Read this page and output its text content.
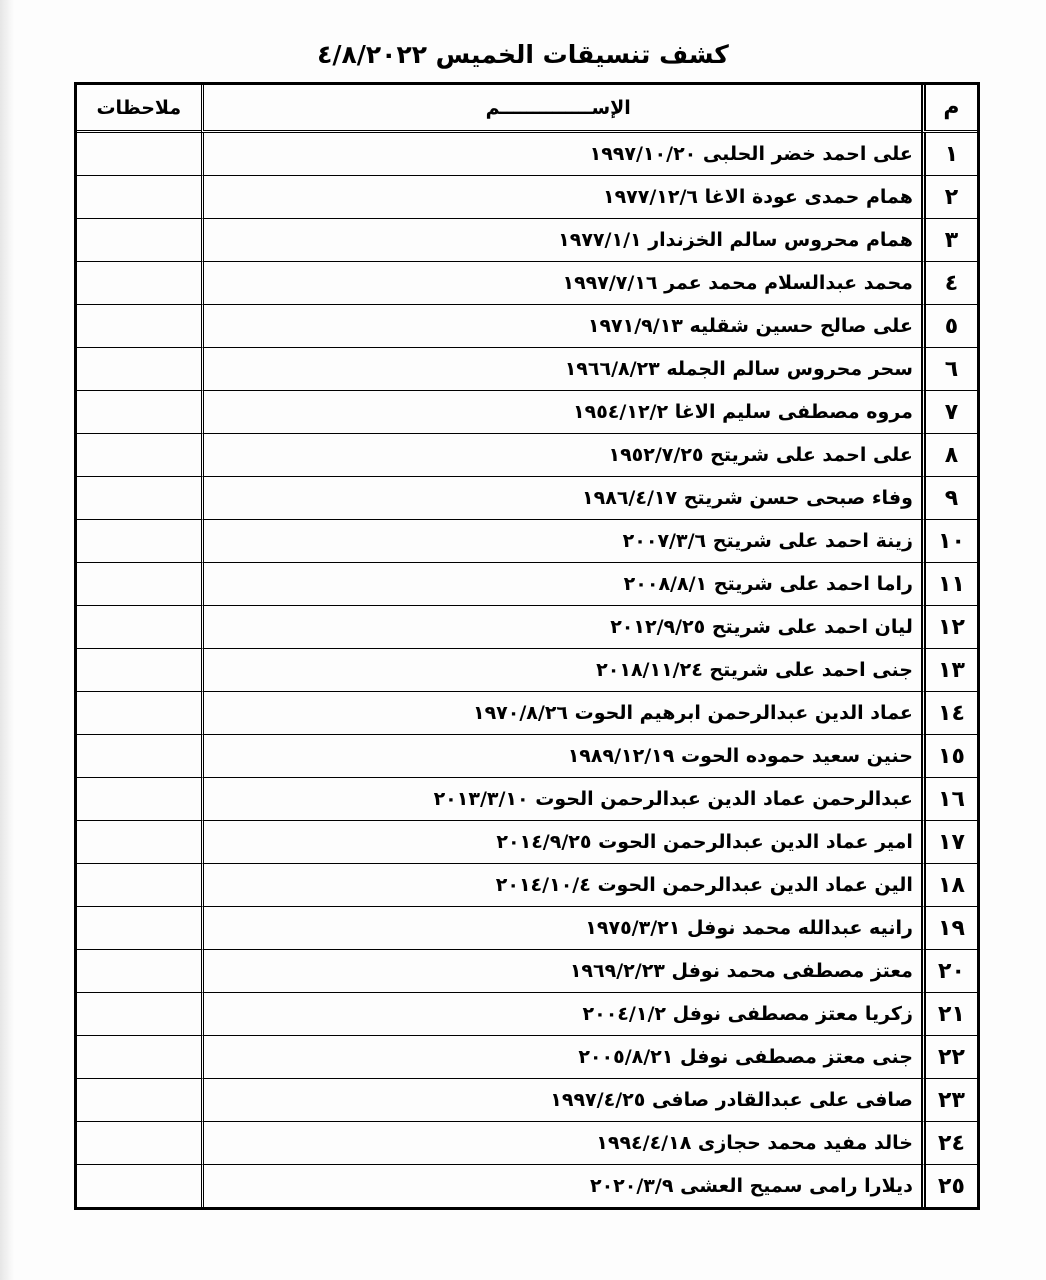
كشف تنسيقات الخميس ٤/٨/٢٠٢٢
م	الإســــــــــــــم	ملاحظات
١	على احمد خضر الحلبى ١٩٩٧/١٠/٢٠	
٢	همام حمدى عودة الاغا ١٩٧٧/١٢/٦	
٣	همام محروس سالم الخزندار ١٩٧٧/١/١	
٤	محمد عبدالسلام محمد عمر ١٩٩٧/٧/١٦	
٥	على صالح حسين شقليه ١٩٧١/٩/١٣	
٦	سحر محروس سالم الجمله ١٩٦٦/٨/٢٣	
٧	مروه مصطفى سليم الاغا ١٩٥٤/١٢/٢	
٨	على احمد على شريتح ١٩٥٢/٧/٢٥	
٩	وفاء صبحى حسن شريتح ١٩٨٦/٤/١٧	
١٠	زينة احمد على شريتح ٢٠٠٧/٣/٦	
١١	راما احمد على شريتح ٢٠٠٨/٨/١	
١٢	ليان احمد على شريتح ٢٠١٢/٩/٢٥	
١٣	جنى احمد على شريتح ٢٠١٨/١١/٢٤	
١٤	عماد الدين عبدالرحمن ابرهيم الحوت ١٩٧٠/٨/٢٦	
١٥	حنين سعيد حموده الحوت ١٩٨٩/١٢/١٩	
١٦	عبدالرحمن عماد الدين عبدالرحمن الحوت ٢٠١٣/٣/١٠	
١٧	امير عماد الدين عبدالرحمن الحوت ٢٠١٤/٩/٢٥	
١٨	الين عماد الدين عبدالرحمن الحوت ٢٠١٤/١٠/٤	
١٩	رانيه عبدالله محمد نوفل ١٩٧٥/٣/٢١	
٢٠	معتز مصطفى محمد نوفل ١٩٦٩/٢/٢٣	
٢١	زكريا معتز مصطفى نوفل ٢٠٠٤/١/٢	
٢٢	جنى معتز مصطفى نوفل ٢٠٠٥/٨/٢١	
٢٣	صافى على عبدالقادر صافى ١٩٩٧/٤/٢٥	
٢٤	خالد مفيد محمد حجازى ١٩٩٤/٤/١٨	
٢٥	ديلارا رامى سميح العشى ٢٠٢٠/٣/٩	
